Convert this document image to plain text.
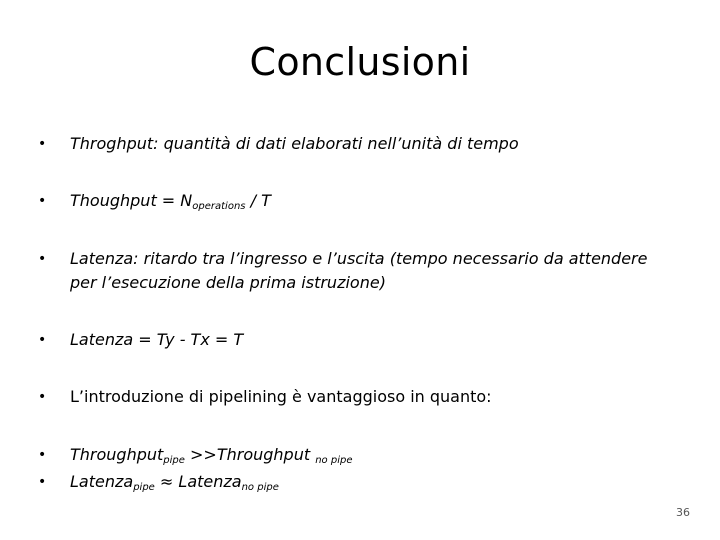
Conclusioni
• Throghput: quantità di dati elaborati nell’unità di tempo
• Thoughput = $N_{operations}$ / T
• Latenza: ritardo tra l’ingresso e l’uscita (tempo necessario da attendere
per l’esecuzione della prima istruzione)
• Latenza = Ty - Tx = T
• L’introduzione di pipelining è vantaggioso in quanto:
• Throughput$_{pipe}$ >>Throughput $_{no pipe}$
• Latenza$_{pipe}$ ≈ Latenza$_{no pipe}$
36
